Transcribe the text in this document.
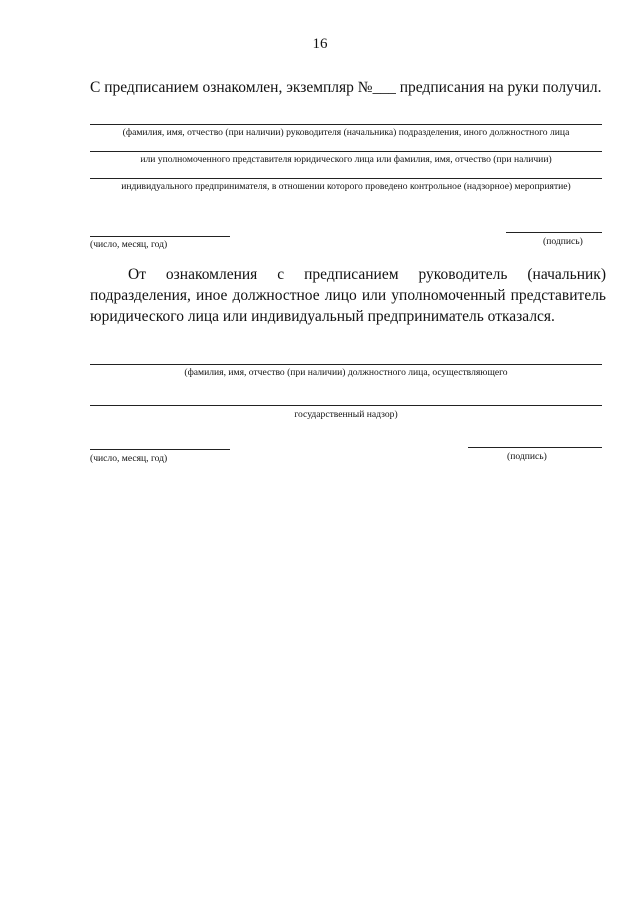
16
С предписанием ознакомлен, экземпляр №___ предписания на руки получил.
(фамилия, имя, отчество (при наличии) руководителя (начальника) подразделения, иного должностного лица
или уполномоченного представителя юридического лица или фамилия, имя, отчество (при наличии)
индивидуального предпринимателя, в отношении которого проведено контрольное (надзорное) мероприятие)
(число, месяц, год)	(подпись)
От ознакомления с предписанием руководитель (начальник) подразделения, иное должностное лицо или уполномоченный представитель юридического лица или индивидуальный предприниматель отказался.
(фамилия, имя, отчество (при наличии) должностного лица, осуществляющего
государственный надзор)
(число, месяц, год)	(подпись)
